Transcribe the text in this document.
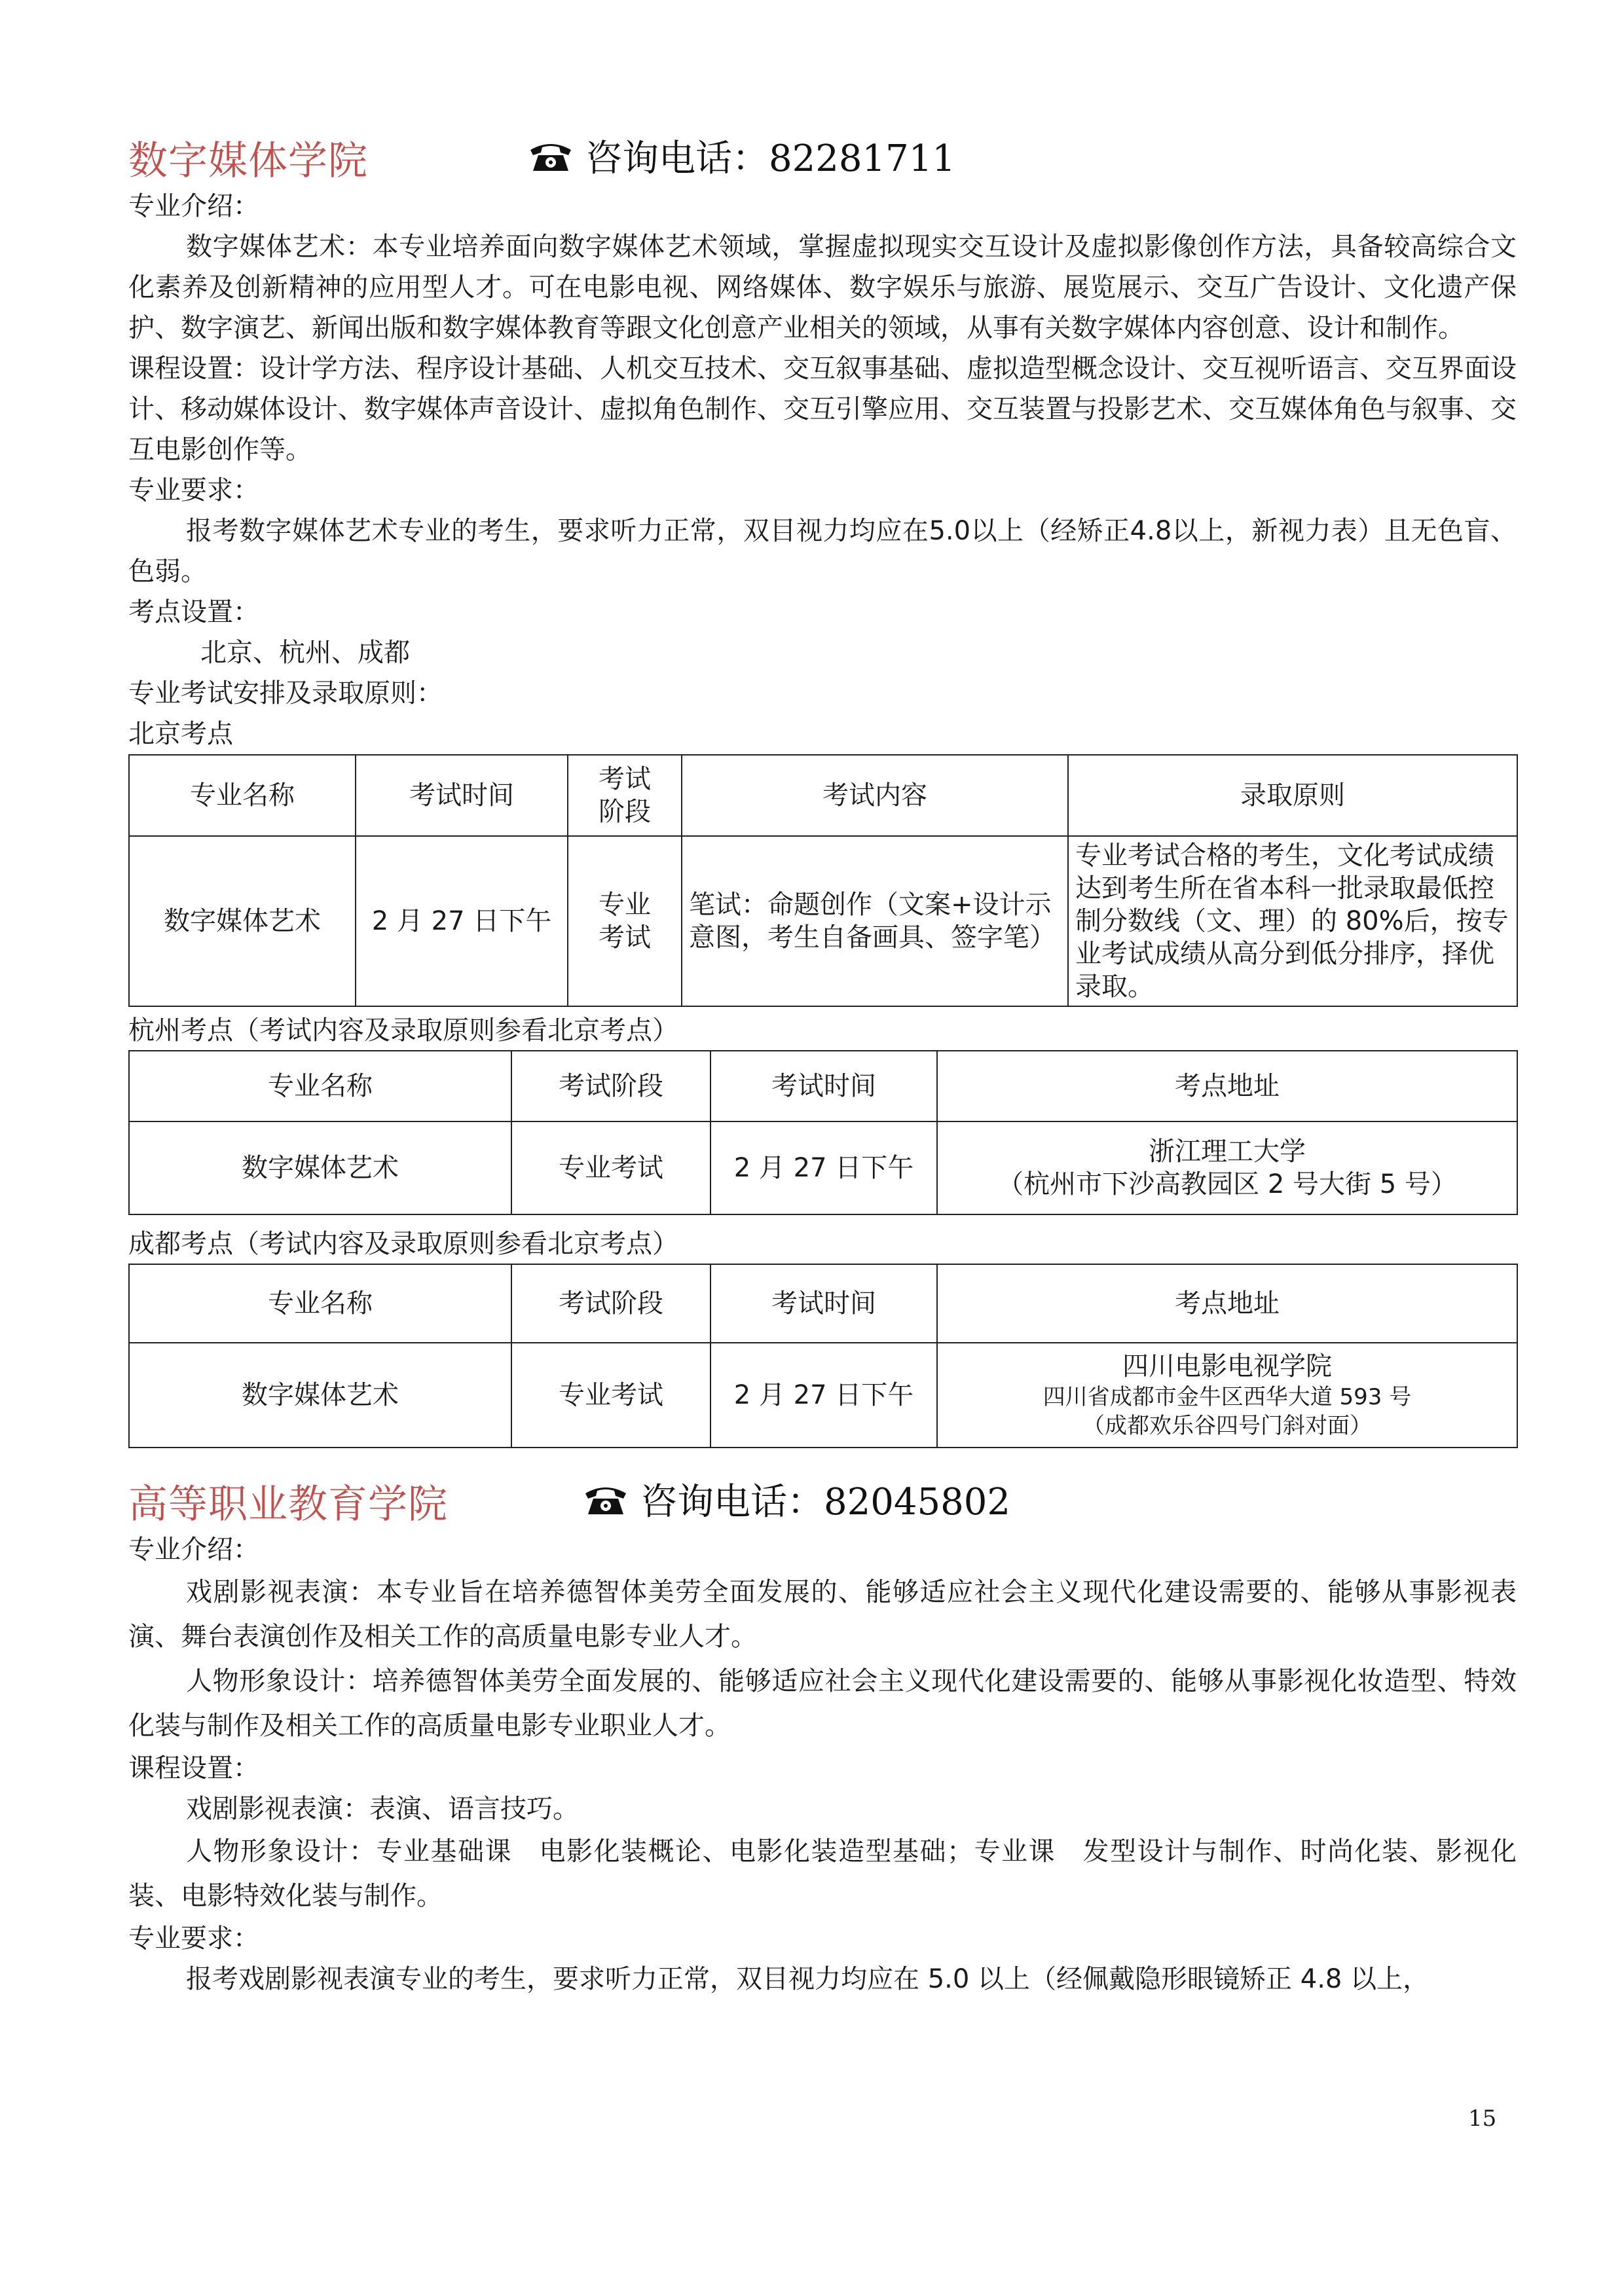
数字媒体学院	咨询电话：82281711

专业介绍：

数字媒体艺术：本专业培养面向数字媒体艺术领域，掌握虚拟现实交互设计及虚拟影像创作方法，具备较高综合文化素养及创新精神的应用型人才。可在电影电视、网络媒体、数字娱乐与旅游、展览展示、交互广告设计、文化遗产保护、数字演艺、新闻出版和数字媒体教育等跟文化创意产业相关的领域，从事有关数字媒体内容创意、设计和制作。

课程设置：设计学方法、程序设计基础、人机交互技术、交互叙事基础、虚拟造型概念设计、交互视听语言、交互界面设计、移动媒体设计、数字媒体声音设计、虚拟角色制作、交互引擎应用、交互装置与投影艺术、交互媒体角色与叙事、交互电影创作等。

专业要求：

报考数字媒体艺术专业的考生，要求听力正常，双目视力均应在5.0以上（经矫正4.8以上，新视力表）且无色盲、色弱。

考点设置：

北京、杭州、成都

专业考试安排及录取原则：

北京考点

专业名称	考试时间	考试阶段	考试内容	录取原则
数字媒体艺术	2 月 27 日下午	专业考试	笔试：命题创作（文案+设计示意图，考生自备画具、签字笔）	专业考试合格的考生，文化考试成绩达到考生所在省本科一批录取最低控制分数线（文、理）的 80%后，按专业考试成绩从高分到低分排序，择优录取。

杭州考点（考试内容及录取原则参看北京考点）

专业名称	考试阶段	考试时间	考点地址
数字媒体艺术	专业考试	2 月 27 日下午	浙江理工大学
（杭州市下沙高教园区 2 号大街 5 号）

成都考点（考试内容及录取原则参看北京考点）

专业名称	考试阶段	考试时间	考点地址
数字媒体艺术	专业考试	2 月 27 日下午	四川电影电视学院
四川省成都市金牛区西华大道 593 号
（成都欢乐谷四号门斜对面）
高等职业教育学院	咨询电话：82045802

专业介绍：

戏剧影视表演：本专业旨在培养德智体美劳全面发展的、能够适应社会主义现代化建设需要的、能够从事影视表演、舞台表演创作及相关工作的高质量电影专业人才。

人物形象设计：培养德智体美劳全面发展的、能够适应社会主义现代化建设需要的、能够从事影视化妆造型、特效化装与制作及相关工作的高质量电影专业职业人才。

课程设置：

戏剧影视表演：表演、语言技巧。

人物形象设计：专业基础课　电影化装概论、电影化装造型基础；专业课　发型设计与制作、时尚化装、影视化装、电影特效化装与制作。

专业要求：

报考戏剧影视表演专业的考生，要求听力正常，双目视力均应在 5.0 以上（经佩戴隐形眼镜矫正 4.8 以上，

15
